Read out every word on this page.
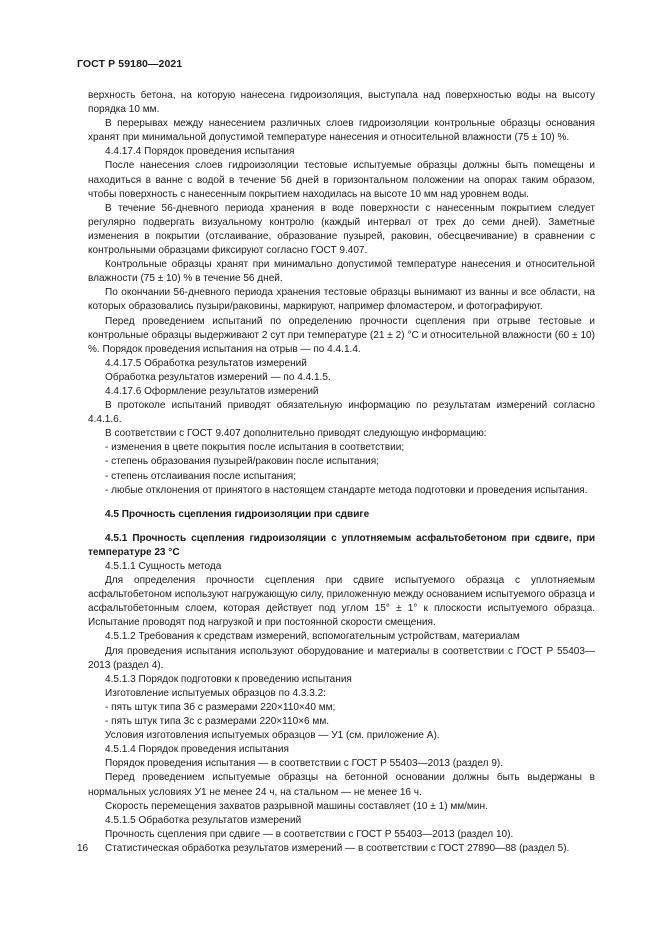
ГОСТ Р 59180—2021

верхность бетона, на которую нанесена гидроизоляция, выступала над поверхностью воды на высоту порядка 10 мм.

В перерывах между нанесением различных слоев гидроизоляции контрольные образцы основания хранят при минимальной допустимой температуре нанесения и относительной влажности (75 ± 10) %.

4.4.17.4 Порядок проведения испытания

После нанесения слоев гидроизоляции тестовые испытуемые образцы должны быть помещены и находиться в ванне с водой в течение 56 дней в горизонтальном положении на опорах таким образом, чтобы поверхность с нанесенным покрытием находилась на высоте 10 мм над уровнем воды.

В течение 56-дневного периода хранения в воде поверхности с нанесенным покрытием следует регулярно подвергать визуальному контролю (каждый интервал от трех до семи дней). Заметные изменения в покрытии (отслаивание, образование пузырей, раковин, обесцвечивание) в сравнении с контрольными образцами фиксируют согласно ГОСТ 9.407.

Контрольные образцы хранят при минимально допустимой температуре нанесения и относительной влажности (75 ± 10) % в течение 56 дней.

По окончании 56-дневного периода хранения тестовые образцы вынимают из ванны и все области, на которых образовались пузыри/раковины, маркируют, например фломастером, и фотографируют.

Перед проведением испытаний по определению прочности сцепления при отрыве тестовые и контрольные образцы выдерживают 2 сут при температуре (21 ± 2) °С и относительной влажности (60 ± 10) %. Порядок проведения испытания на отрыв — по 4.4.1.4.

4.4.17.5 Обработка результатов измерений

Обработка результатов измерений — по 4.4.1.5.

4.4.17.6 Оформление результатов измерений

В протоколе испытаний приводят обязательную информацию по результатам измерений согласно 4.4.1.6.

В соответствии с ГОСТ 9.407 дополнительно приводят следующую информацию:

- изменения в цвете покрытия после испытания в соответствии;

- степень образования пузырей/раковин после испытания;

- степень отслаивания после испытания;

- любые отклонения от принятого в настоящем стандарте метода подготовки и проведения испытания.

4.5 Прочность сцепления гидроизоляции при сдвиге

4.5.1 Прочность сцепления гидроизоляции с уплотняемым асфальтобетоном при сдвиге, при температуре 23 °С

4.5.1.1 Сущность метода

Для определения прочности сцепления при сдвиге испытуемого образца с уплотняемым асфальтобетоном используют нагружающую силу, приложенную между основанием испытуемого образца и асфальтобетонным слоем, которая действует под углом 15° ± 1° к плоскости испытуемого образца. Испытание проводят под нагрузкой и при постоянной скорости смещения.

4.5.1.2 Требования к средствам измерений, вспомогательным устройствам, материалам

Для проведения испытания используют оборудование и материалы в соответствии с ГОСТ Р 55403—2013 (раздел 4).

4.5.1.3 Порядок подготовки к проведению испытания

Изготовление испытуемых образцов по 4.3.3.2:

- пять штук типа 3б с размерами 220×110×40 мм;

- пять штук типа 3с с размерами 220×110×6 мм.

Условия изготовления испытуемых образцов — У1 (см. приложение А).

4.5.1.4 Порядок проведения испытания

Порядок проведения испытания — в соответствии с ГОСТ Р 55403—2013 (раздел 9).

Перед проведением испытуемые образцы на бетонной основании должны быть выдержаны в нормальных условиях У1 не менее 24 ч, на стальном — не менее 16 ч.

Скорость перемещения захватов разрывной машины составляет (10 ± 1) мм/мин.

4.5.1.5 Обработка результатов измерений

Прочность сцепления при сдвиге — в соответствии с ГОСТ Р 55403—2013 (раздел 10).

Статистическая обработка результатов измерений — в соответствии с ГОСТ 27890—88 (раздел 5).

16
